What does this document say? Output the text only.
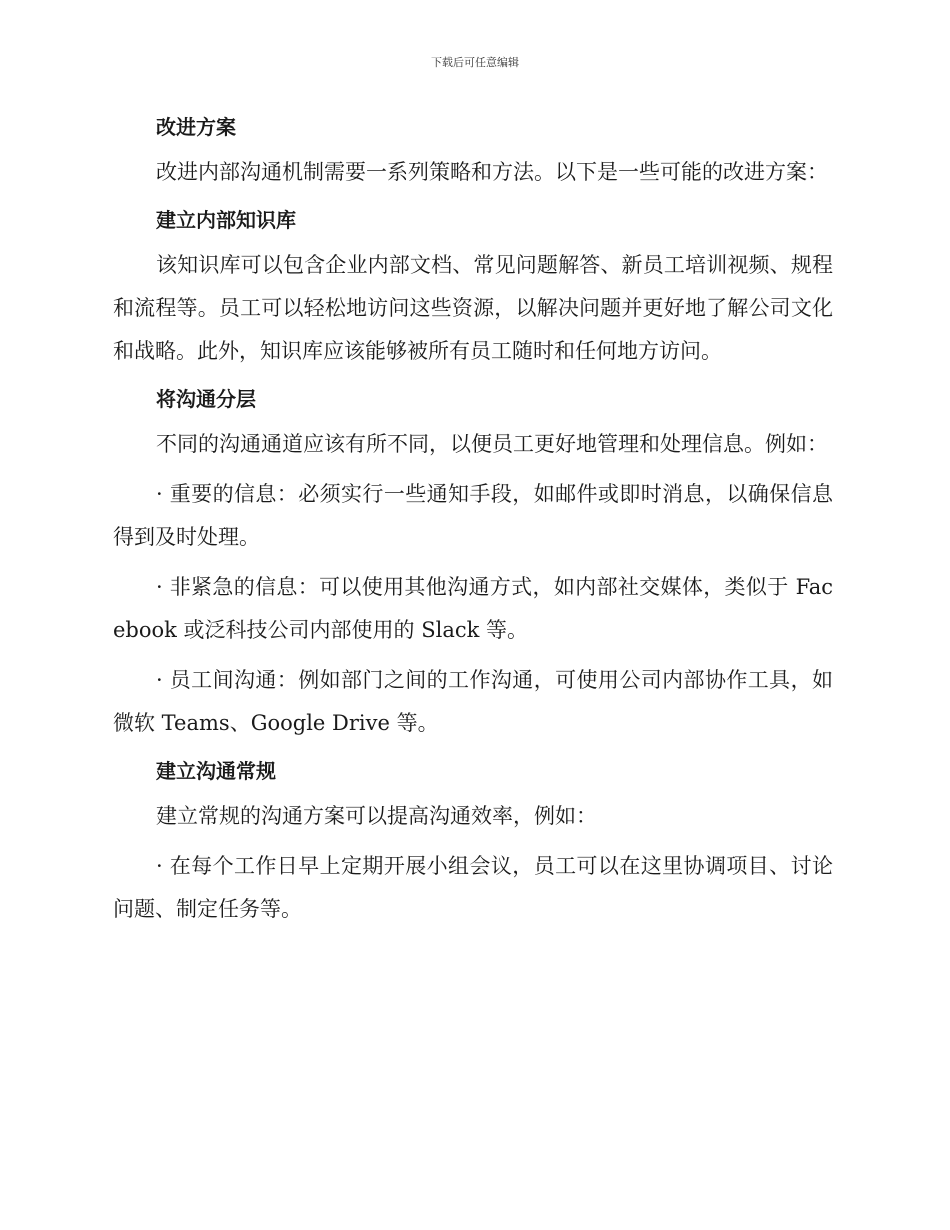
下载后可任意编辑
改进方案
改进内部沟通机制需要一系列策略和方法。以下是一些可能的改进方案：
建立内部知识库
该知识库可以包含企业内部文档、常见问题解答、新员工培训视频、规程和流程等。员工可以轻松地访问这些资源，以解决问题并更好地了解公司文化和战略。此外，知识库应该能够被所有员工随时和任何地方访问。
将沟通分层
不同的沟通通道应该有所不同，以便员工更好地管理和处理信息。例如：
· 重要的信息：必须实行一些通知手段，如邮件或即时消息，以确保信息得到及时处理。
· 非紧急的信息：可以使用其他沟通方式，如内部社交媒体，类似于 Facebook 或泛科技公司内部使用的 Slack 等。
· 员工间沟通：例如部门之间的工作沟通，可使用公司内部协作工具，如微软 Teams、Google Drive 等。
建立沟通常规
建立常规的沟通方案可以提高沟通效率，例如：
· 在每个工作日早上定期开展小组会议，员工可以在这里协调项目、讨论问题、制定任务等。
